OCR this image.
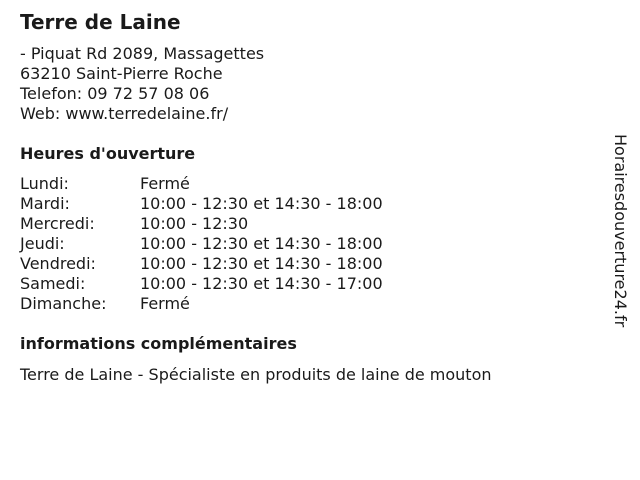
Terre de Laine
- Piquat Rd 2089, Massagettes
63210 Saint-Pierre Roche
Telefon: 09 72 57 08 06
Web: www.terredelaine.fr/
Heures d'ouverture
Lundi:	Fermé
Mardi:	10:00 - 12:30 et 14:30 - 18:00
Mercredi:	10:00 - 12:30
Jeudi:	10:00 - 12:30 et 14:30 - 18:00
Vendredi:	10:00 - 12:30 et 14:30 - 18:00
Samedi:	10:00 - 12:30 et 14:30 - 17:00
Dimanche: Fermé
informations complémentaires
Terre de Laine - Spécialiste en produits de laine de mouton
Horairesdouverture24.fr
